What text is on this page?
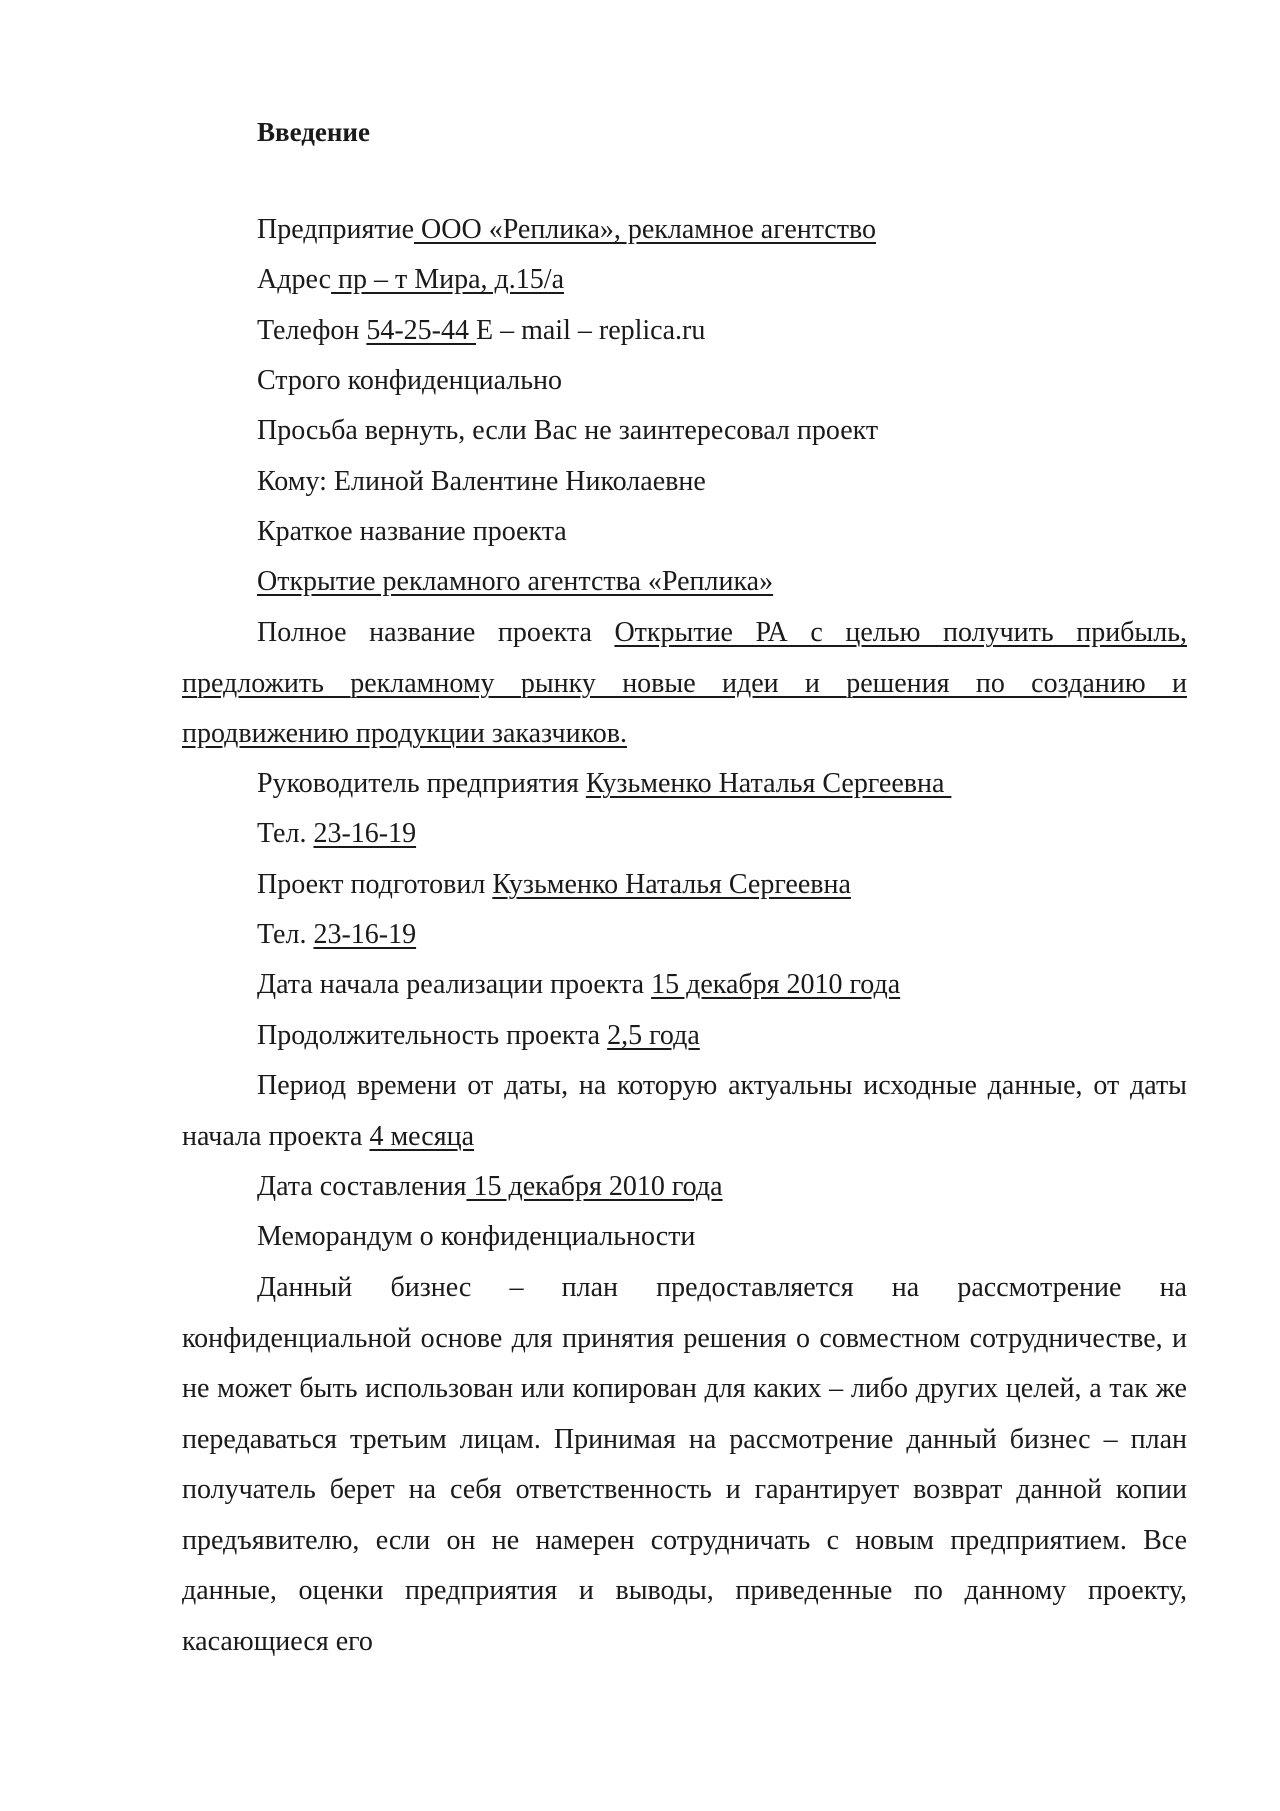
Введение

Предприятие ООО «Реплика», рекламное агентство

Адрес пр – т Мира, д.15/а

Телефон 54-25-44 E – mail – replica.ru

Строго конфиденциально

Просьба вернуть, если Вас не заинтересовал проект

Кому: Елиной Валентине Николаевне

Краткое название проекта

Открытие рекламного агентства «Реплика»

Полное название проекта Открытие РА с целью получить прибыль, предложить рекламному рынку новые идеи и решения по созданию и
продвижению продукции заказчиков.

Руководитель предприятия Кузьменко Наталья Сергеевна

Тел. 23-16-19

Проект подготовил Кузьменко Наталья Сергеевна

Тел. 23-16-19

Дата начала реализации проекта 15 декабря 2010 года

Продолжительность проекта 2,5 года

Период времени от даты, на которую актуальны исходные данные, от даты начала проекта 4 месяца

Дата составления 15 декабря 2010 года

Меморандум о конфиденциальности

Данный бизнес – план предоставляется на рассмотрение на конфиденциальной основе для принятия решения о совместном сотрудничестве, и не может быть использован или копирован для каких – либо других целей, а так же передаваться третьим лицам. Принимая на рассмотрение данный бизнес – план получатель берет на себя ответственность и гарантирует возврат данной копии предъявителю, если он не намерен сотрудничать с новым предприятием. Все данные, оценки предприятия и выводы, приведенные по данному проекту, касающиеся его
